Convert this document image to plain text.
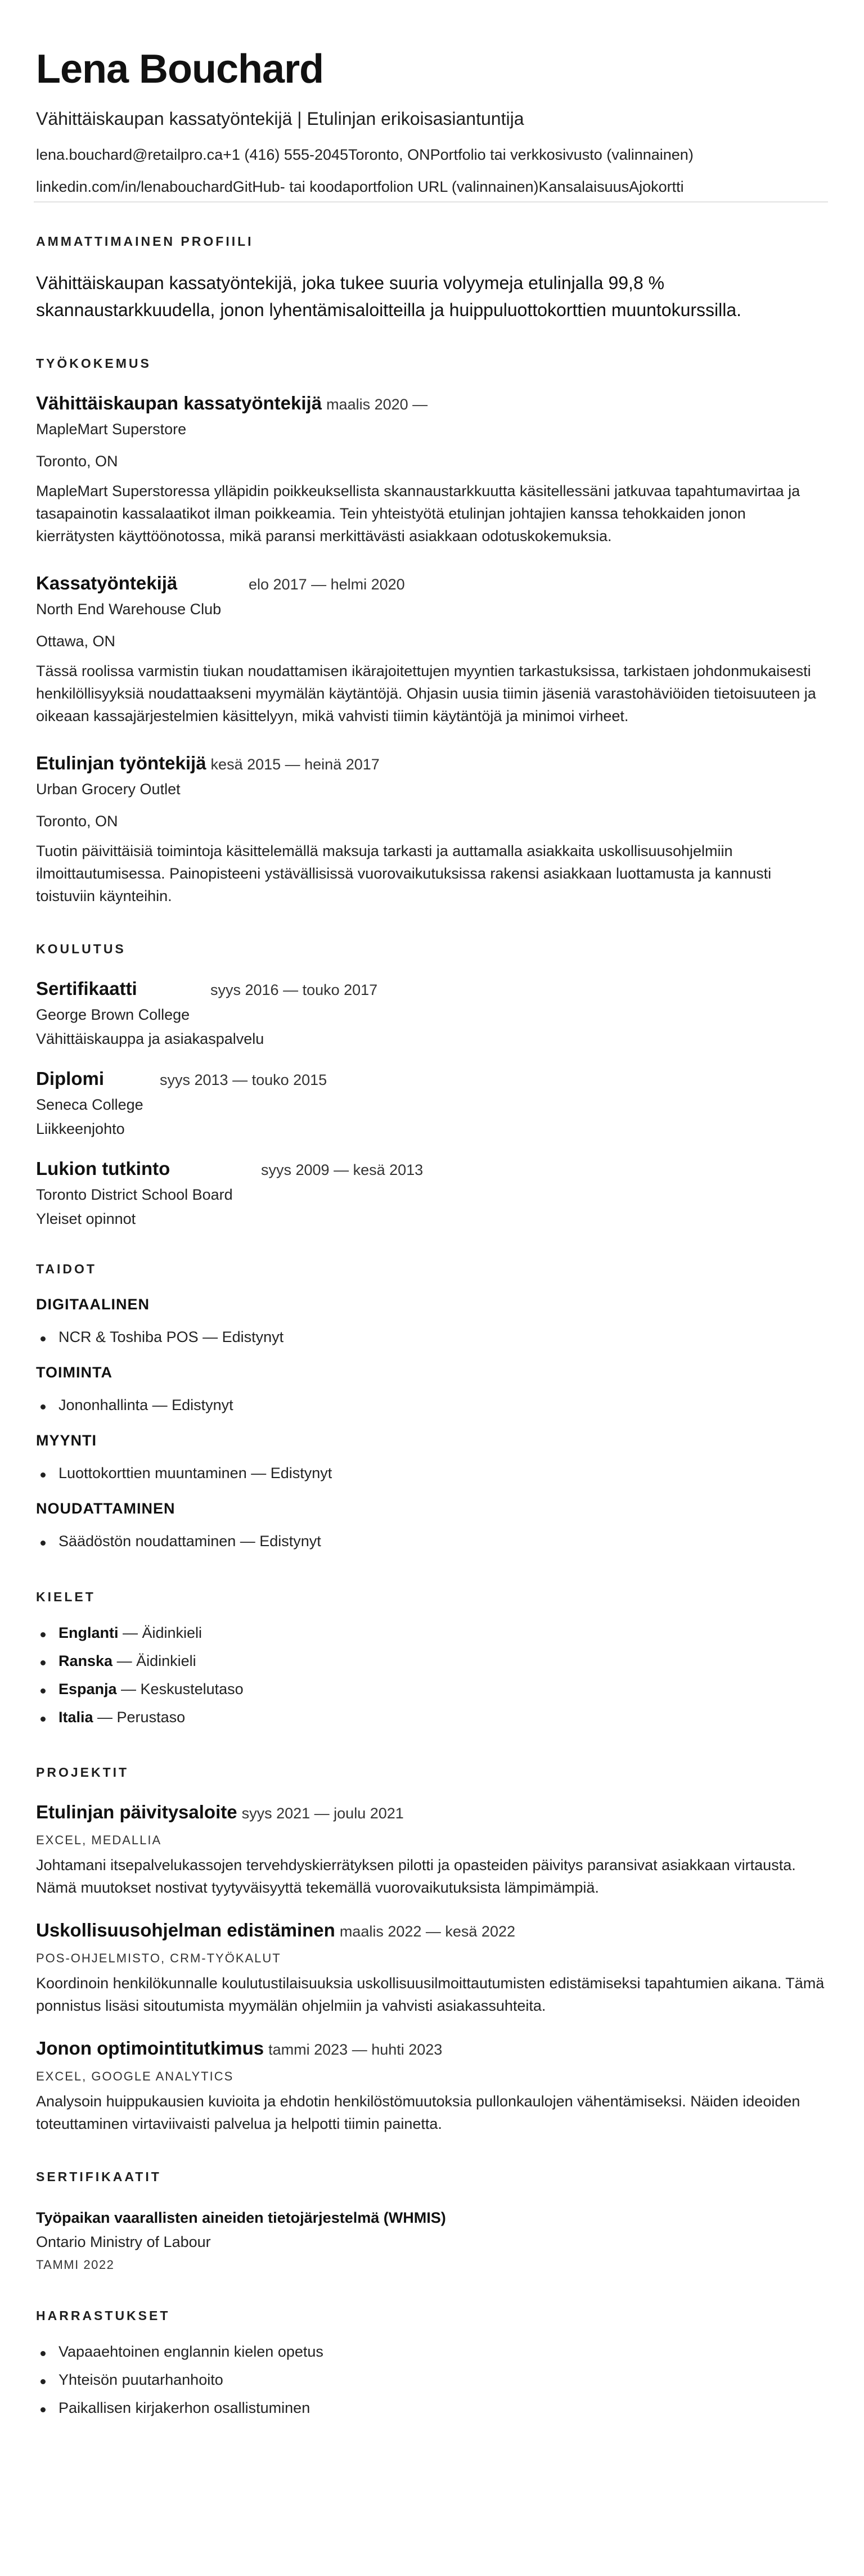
Lena Bouchard
Vähittäiskaupan kassatyöntekijä | Etulinjan erikoisasiantuntija
lena.bouchard@retailpro.ca+1 (416) 555-2045Toronto, ONPortfolio tai verkkosivusto (valinnainen)
linkedin.com/in/lenabouchardGitHub- tai koodaportfolion URL (valinnainen)KansalaisuusAjokortti
AMMATTIMAINEN PROFIILI

Vähittäiskaupan kassatyöntekijä, joka tukee suuria volyymeja etulinjalla 99,8 % skannaustarkkuudella, jonon lyhentämisaloitteilla ja huippuluottokorttien muuntokurssilla.

TYÖKOKEMUS
Vähittäiskaupan kassatyöntekijä maalis 2020 —
MapleMart Superstore
Toronto, ON

MapleMart Superstoressa ylläpidin poikkeuksellista skannaustarkkuutta käsitellessäni jatkuvaa tapahtumavirtaa ja tasapainotin kassalaatikot ilman poikkeamia. Tein yhteistyötä etulinjan johtajien kanssa tehokkaiden jonon kierrätysten käyttöönotossa, mikä paransi merkittävästi asiakkaan odotuskokemuksia.

Kassatyöntekijä	elo 2017 — helmi 2020
North End Warehouse Club
Ottawa, ON

Tässä roolissa varmistin tiukan noudattamisen ikärajoitettujen myyntien tarkastuksissa, tarkistaen johdonmukaisesti henkilöllisyyksiä noudattaakseni myymälän käytäntöjä. Ohjasin uusia tiimin jäseniä varastohäviöiden tietoisuuteen ja oikeaan kassajärjestelmien käsittelyyn, mikä vahvisti tiimin käytäntöjä ja minimoi virheet.

Etulinjan työntekijä kesä 2015 — heinä 2017
Urban Grocery Outlet
Toronto, ON

Tuotin päivittäisiä toimintoja käsittelemällä maksuja tarkasti ja auttamalla asiakkaita uskollisuusohjelmiin ilmoittautumisessa. Painopisteeni ystävällisissä vuorovaikutuksissa rakensi asiakkaan luottamusta ja kannusti toistuviin käynteihin.

KOULUTUS
Sertifikaatti	syys 2016 — touko 2017
George Brown College
Vähittäiskauppa ja asiakaspalvelu
Diplomi	syys 2013 — touko 2015
Seneca College
Liikkeenjohto
Lukion tutkinto	syys 2009 — kesä 2013
Toronto District School Board
Yleiset opinnot
TAIDOT
DIGITAALINEN
NCR & Toshiba POS — Edistynyt
TOIMINTA
Jononhallinta — Edistynyt
MYYNTI
Luottokorttien muuntaminen — Edistynyt
NOUDATTAMINEN
Säädöstön noudattaminen — Edistynyt
KIELET
Englanti — Äidinkieli
Ranska — Äidinkieli
Espanja — Keskustelutaso
Italia — Perustaso
PROJEKTIT
Etulinjan päivitysaloite syys 2021 — joulu 2021
EXCEL, MEDALLIA

Johtamani itsepalvelukassojen tervehdyskierrätyksen pilotti ja opasteiden päivitys paransivat asiakkaan virtausta. Nämä muutokset nostivat tyytyväisyyttä tekemällä vuorovaikutuksista lämpimämpiä.

Uskollisuusohjelman edistäminen maalis 2022 — kesä 2022
POS-OHJELMISTO, CRM-TYÖKALUT

Koordinoin henkilökunnalle koulutustilaisuuksia uskollisuusilmoittautumisten edistämiseksi tapahtumien aikana. Tämä ponnistus lisäsi sitoutumista myymälän ohjelmiin ja vahvisti asiakassuhteita.

Jonon optimointitutkimus tammi 2023 — huhti 2023
EXCEL, GOOGLE ANALYTICS

Analysoin huippukausien kuvioita ja ehdotin henkilöstömuutoksia pullonkaulojen vähentämiseksi. Näiden ideoiden toteuttaminen virtaviivaisti palvelua ja helpotti tiimin painetta.

SERTIFIKAATIT
Työpaikan vaarallisten aineiden tietojärjestelmä (WHMIS)
Ontario Ministry of Labour
TAMMI 2022
HARRASTUKSET
Vapaaehtoinen englannin kielen opetus
Yhteisön puutarhanhoito
Paikallisen kirjakerhon osallistuminen
